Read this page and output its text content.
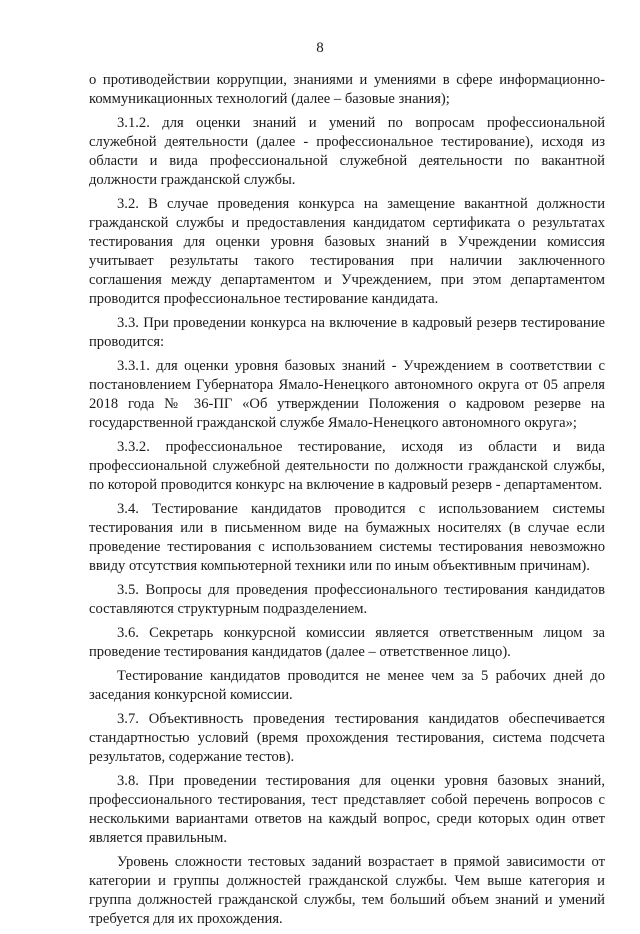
8

о противодействии коррупции, знаниями и умениями в сфере информационно-коммуникационных технологий (далее – базовые знания);

3.1.2. для оценки знаний и умений по вопросам профессиональной служебной деятельности (далее - профессиональное тестирование), исходя из области и вида профессиональной служебной деятельности по вакантной должности гражданской службы.

3.2. В случае проведения конкурса на замещение вакантной должности гражданской службы и предоставления кандидатом сертификата о результатах тестирования для оценки уровня базовых знаний в Учреждении комиссия учитывает результаты такого тестирования при наличии заключенного соглашения между департаментом и Учреждением, при этом департаментом проводится профессиональное тестирование кандидата.

3.3. При проведении конкурса на включение в кадровый резерв тестирование проводится:

3.3.1. для оценки уровня базовых знаний - Учреждением в соответствии с постановлением Губернатора Ямало-Ненецкого автономного округа от 05 апреля 2018 года № 36-ПГ «Об утверждении Положения о кадровом резерве на государственной гражданской службе Ямало-Ненецкого автономного округа»;

3.3.2. профессиональное тестирование, исходя из области и вида профессиональной служебной деятельности по должности гражданской службы, по которой проводится конкурс на включение в кадровый резерв - департаментом.

3.4. Тестирование кандидатов проводится с использованием системы тестирования или в письменном виде на бумажных носителях (в случае если проведение тестирования с использованием системы тестирования невозможно ввиду отсутствия компьютерной техники или по иным объективным причинам).

3.5. Вопросы для проведения профессионального тестирования кандидатов составляются структурным подразделением.

3.6. Секретарь конкурсной комиссии является ответственным лицом за проведение тестирования кандидатов (далее – ответственное лицо).

Тестирование кандидатов проводится не менее чем за 5 рабочих дней до заседания конкурсной комиссии.

3.7. Объективность проведения тестирования кандидатов обеспечивается стандартностью условий (время прохождения тестирования, система подсчета результатов, содержание тестов).

3.8. При проведении тестирования для оценки уровня базовых знаний, профессионального тестирования, тест представляет собой перечень вопросов с несколькими вариантами ответов на каждый вопрос, среди которых один ответ является правильным.

Уровень сложности тестовых заданий возрастает в прямой зависимости от категории и группы должностей гражданской службы. Чем выше категория и группа должностей гражданской службы, тем больший объем знаний и умений требуется для их прохождения.
